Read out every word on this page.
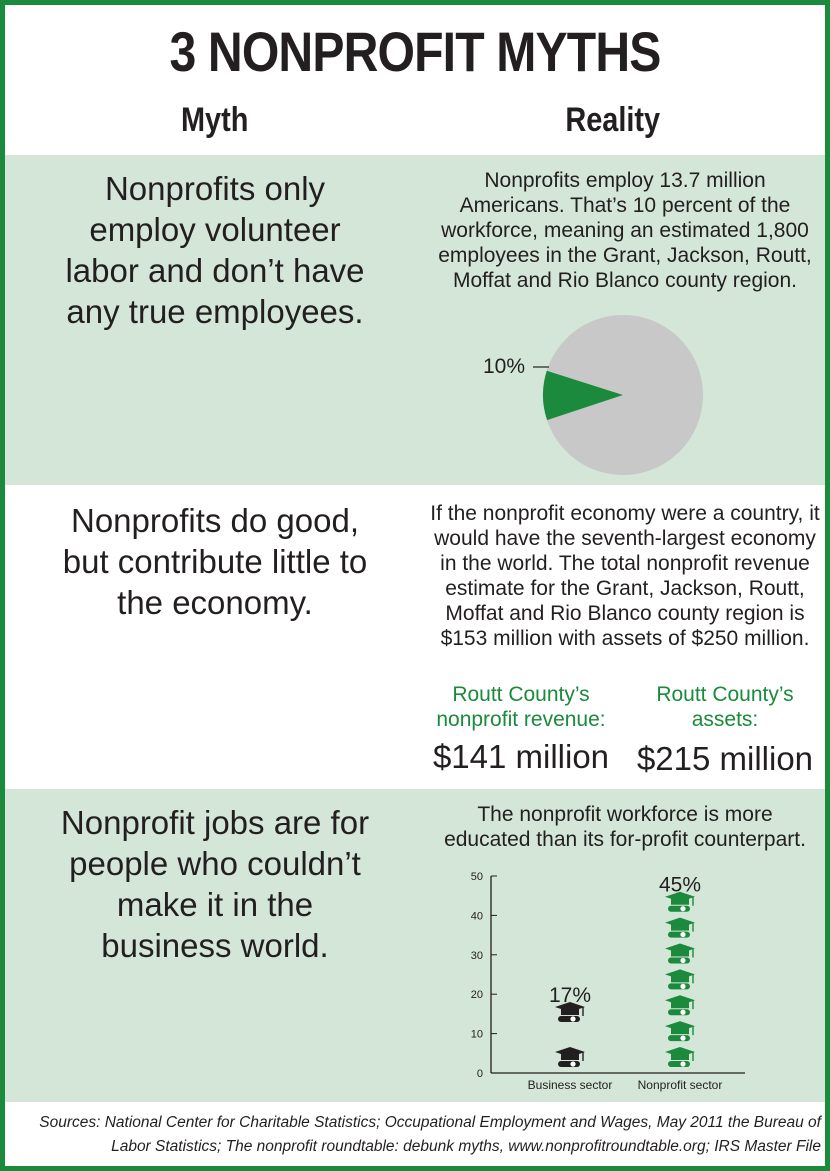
3 NONPROFIT MYTHS
Myth	Reality
Nonprofits only employ volunteer labor and don’t have any true employees.
Nonprofits employ 13.7 million Americans. That’s 10 percent of the workforce, meaning an estimated 1,800 employees in the Grant, Jackson, Routt, Moffat and Rio Blanco county region.
10%
Nonprofits do good, but contribute little to the economy.
If the nonprofit economy were a country, it would have the seventh-largest economy in the world. The total nonprofit revenue estimate for the Grant, Jackson, Routt, Moffat and Rio Blanco county region is $153 million with assets of $250 million.
Routt County’s nonprofit revenue:
$141 million
Routt County’s assets:
$215 million
Nonprofit jobs are for people who couldn’t make it in the business world.
The nonprofit workforce is more educated than its for-profit counterpart.
0
10
20
30
40
50
17%
Business sector
45%
Nonprofit sector
Sources: National Center for Charitable Statistics; Occupational Employment and Wages, May 2011 the Bureau of Labor Statistics; The nonprofit roundtable: debunk myths, www.nonprofitroundtable.org; IRS Master File
